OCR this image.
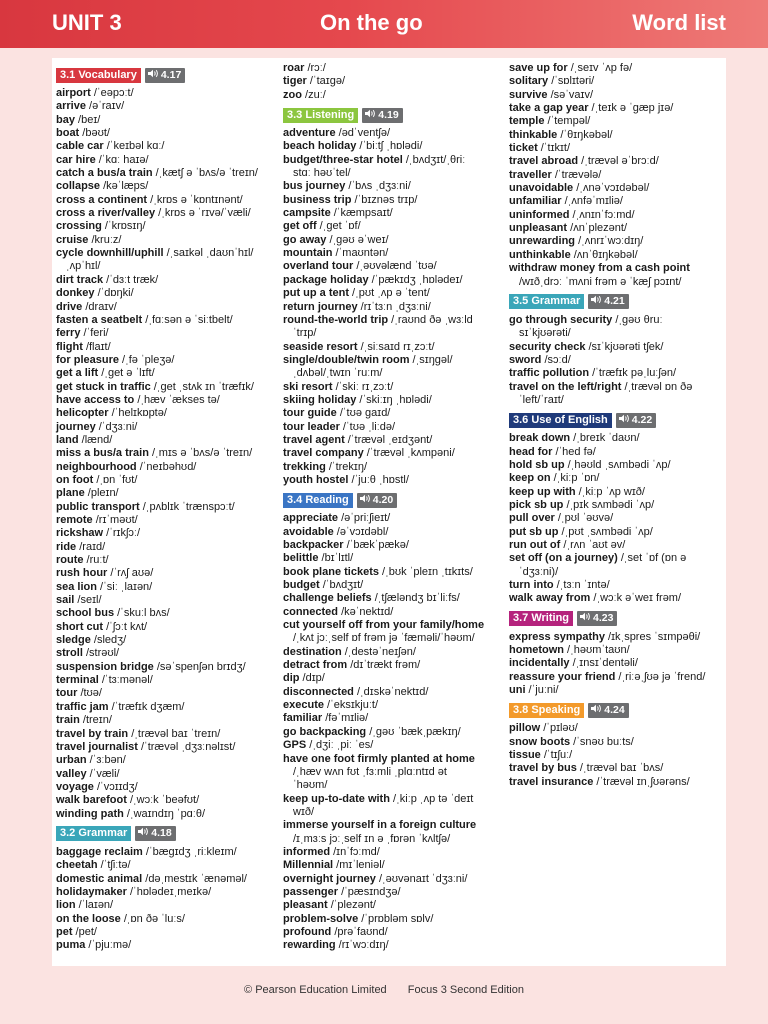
UNIT 3	On the go	Word list
3.1 Vocabulary	4.17
airport /ˈeəpɔːt/
arrive /əˈraɪv/
bay /beɪ/
boat /bəʊt/
cable car /ˈkeɪbəl kɑː/
car hire /ˈkɑː haɪə/
catch a bus/a train /ˌkætʃ ə ˈbʌs/ə ˈtreɪn/
collapse /kəˈlæps/
cross a continent /ˌkrɒs ə ˈkɒntɪnənt/
cross a river/valley /ˌkrɒs ə ˈrɪvə/ˈvæli/
crossing /ˈkrɒsɪŋ/
cruise /kruːz/
cycle downhill/uphill /ˌsaɪkəl ˌdaʊnˈhɪl/
ˌʌpˈhɪl/
dirt track /ˈdɜːt træk/
donkey /ˈdɒŋki/
drive /draɪv/
fasten a seatbelt /ˌfɑːsən ə ˈsiːtbelt/
ferry /ˈferi/
flight /flaɪt/
for pleasure /ˌfə ˈpleʒə/
get a lift /ˌɡet ə ˈlɪft/
get stuck in traffic /ˌɡet ˌstʌk ɪn ˈtræfɪk/
have access to /ˌhæv ˈækses tə/
helicopter /ˈhelɪkɒptə/
journey /ˈdʒɜːni/
land /lænd/
miss a bus/a train /ˌmɪs ə ˈbʌs/ə ˈtreɪn/
neighbourhood /ˈneɪbəhʊd/
on foot /ˌɒn ˈfʊt/
plane /pleɪn/
public transport /ˌpʌblɪk ˈtrænspɔːt/
remote /rɪˈməʊt/
rickshaw /ˈrɪkʃɔː/
ride /raɪd/
route /ruːt/
rush hour /ˈrʌʃ aʊə/
sea lion /ˈsiː ˌlaɪən/
sail /seɪl/
school bus /ˈskuːl bʌs/
short cut /ˈʃɔːt kʌt/
sledge /sledʒ/
stroll /strəʊl/
suspension bridge /səˈspenʃən brɪdʒ/
terminal /ˈtɜːmənəl/
tour /tʊə/
traffic jam /ˈtræfɪk dʒæm/
train /treɪn/
travel by train /ˌtrævəl baɪ ˈtreɪn/
travel journalist /ˈtrævəl ˌdʒɜːnəlɪst/
urban /ˈɜːbən/
valley /ˈvæli/
voyage /ˈvɔɪɪdʒ/
walk barefoot /ˌwɔːk ˈbeəfʊt/
winding path /ˌwaɪndɪŋ ˈpɑːθ/
3.2 Grammar	4.18
baggage reclaim /ˈbæɡɪdʒ ˌriːkleɪm/
cheetah /ˈtʃiːtə/
domestic animal /dəˌmestɪk ˈænəməl/
holidaymaker /ˈhɒlədeɪˌmeɪkə/
lion /ˈlaɪən/
on the loose /ˌɒn ðə ˈluːs/
pet /pet/
puma /ˈpjuːmə/
roar /rɔː/
tiger /ˈtaɪɡə/
zoo /zuː/
3.3 Listening	4.19
adventure /ədˈventʃə/
beach holiday /ˈbiːtʃ ˌhɒlədi/
budget/three-star hotel /ˌbʌdʒɪt/ˌθriː
stɑː həʊˈtel/
bus journey /ˈbʌs ˌdʒɜːni/
business trip /ˈbɪznəs trɪp/
campsite /ˈkæmpsaɪt/
get off /ˌɡet ˈɒf/
go away /ˌɡəʊ əˈweɪ/
mountain /ˈmaʊntən/
overland tour /ˌəʊvəlænd ˈtʊə/
package holiday /ˈpækɪdʒ ˌhɒlədeɪ/
put up a tent /ˌpʊt ˌʌp ə ˈtent/
return journey /rɪˈtɜːn ˌdʒɜːni/
round-the-world trip /ˌraʊnd ðə ˌwɜːld
ˈtrɪp/
seaside resort /ˌsiːsaɪd rɪˌzɔːt/
single/double/twin room /ˌsɪŋɡəl/
ˌdʌbəl/ˌtwɪn ˈruːm/
ski resort /ˈskiː rɪˌzɔːt/
skiing holiday /ˈskiːɪŋ ˌhɒlədi/
tour guide /ˈtʊə ɡaɪd/
tour leader /ˈtʊə ˌliːdə/
travel agent /ˈtrævəl ˌeɪdʒənt/
travel company /ˈtrævəl ˌkʌmpəni/
trekking /ˈtrekɪŋ/
youth hostel /ˈjuːθ ˌhɒstl/
3.4 Reading	4.20
appreciate /əˈpriːʃieɪt/
avoidable /əˈvɔɪdəbl/
backpacker /ˈbækˈpækə/
belittle /bɪˈlɪtl/
book plane tickets /ˌbʊk ˈpleɪn ˌtɪkɪts/
budget /ˈbʌdʒɪt/
challenge beliefs /ˌtʃæləndʒ bɪˈliːfs/
connected /kəˈnektɪd/
cut yourself off from your family/home
/ˌkʌt jɔːˌself ɒf frəm jə ˈfæməli/ˈhəʊm/
destination /ˌdestəˈneɪʃən/
detract from /dɪˈtrækt frəm/
dip /dɪp/
disconnected /ˌdɪskəˈnektɪd/
execute /ˈeksɪkjuːt/
familiar /fəˈmɪliə/
go backpacking /ˌɡəʊ ˈbækˌpækɪŋ/
GPS /ˌdʒiː ˌpiː ˈes/
have one foot firmly planted at home
/ˌhæv wʌn fʊt ˌfɜːmli ˌplɑːntɪd ət
ˈhəʊm/
keep up-to-date with /ˌkiːp ˌʌp tə ˈdeɪt
wɪð/
immerse yourself in a foreign culture
/ɪˌmɜːs jɔːˌself ɪn ə ˌfɒrən ˈkʌltʃə/
informed /ɪnˈfɔːmd/
Millennial /mɪˈleniəl/
overnight journey /ˌəʊvənaɪt ˈdʒɜːni/
passenger /ˈpæsɪndʒə/
pleasant /ˈplezənt/
problem-solve /ˈprɒbləm sɒlv/
profound /prəˈfaʊnd/
rewarding /rɪˈwɔːdɪŋ/
save up for /ˌseɪv ˈʌp fə/
solitary /ˈsɒlɪtəri/
survive /səˈvaɪv/
take a gap year /ˌteɪk ə ˈɡæp jɪə/
temple /ˈtempəl/
thinkable /ˈθɪŋkəbəl/
ticket /ˈtɪkɪt/
travel abroad /ˌtrævəl əˈbrɔːd/
traveller /ˈtrævələ/
unavoidable /ˌʌnəˈvɔɪdəbəl/
unfamiliar /ˌʌnfəˈmɪliə/
uninformed /ˌʌnɪnˈfɔːmd/
unpleasant /ʌnˈplezənt/
unrewarding /ˌʌnrɪˈwɔːdɪŋ/
unthinkable /ʌnˈθɪŋkəbəl/
withdraw money from a cash point
/wɪðˌdrɔː ˈmʌni frəm ə ˈkæʃ pɔɪnt/
3.5 Grammar	4.21
go through security /ˌɡəʊ θruː
sɪˈkjʊərəti/
security check /sɪˈkjʊərəti tʃek/
sword /sɔːd/
traffic pollution /ˈtræfɪk pəˌluːʃən/
travel on the left/right /ˌtrævəl ɒn ðə
ˈleft/ˈraɪt/
3.6 Use of English	4.22
break down /ˌbreɪk ˈdaʊn/
head for /ˈhed fə/
hold sb up /ˌhəʊld ˌsʌmbədi ˈʌp/
keep on /ˌkiːp ˈɒn/
keep up with /ˌkiːp ˈʌp wɪð/
pick sb up /ˌpɪk sʌmbədi ˈʌp/
pull over /ˌpʊl ˈəʊvə/
put sb up /ˌpʊt ˌsʌmbədi ˈʌp/
run out of /ˌrʌn ˈaʊt əv/
set off (on a journey) /ˌset ˈɒf (ɒn ə
ˈdʒɜːni)/
turn into /ˌtɜːn ˈɪntə/
walk away from /ˌwɔːk əˈweɪ frəm/
3.7 Writing	4.23
express sympathy /ɪkˌspres ˈsɪmpəθi/
hometown /ˌhəʊmˈtaʊn/
incidentally /ˌɪnsɪˈdentəli/
reassure your friend /ˌriːəˌʃʊə jə ˈfrend/
uni /ˈjuːni/
3.8 Speaking	4.24
pillow /ˈpɪləʊ/
snow boots /ˈsnəʊ buːts/
tissue /ˈtɪʃuː/
travel by bus /ˌtrævəl baɪ ˈbʌs/
travel insurance /ˈtrævəl ɪnˌʃʊərəns/
© Pearson Education Limited Focus 3 Second Edition
